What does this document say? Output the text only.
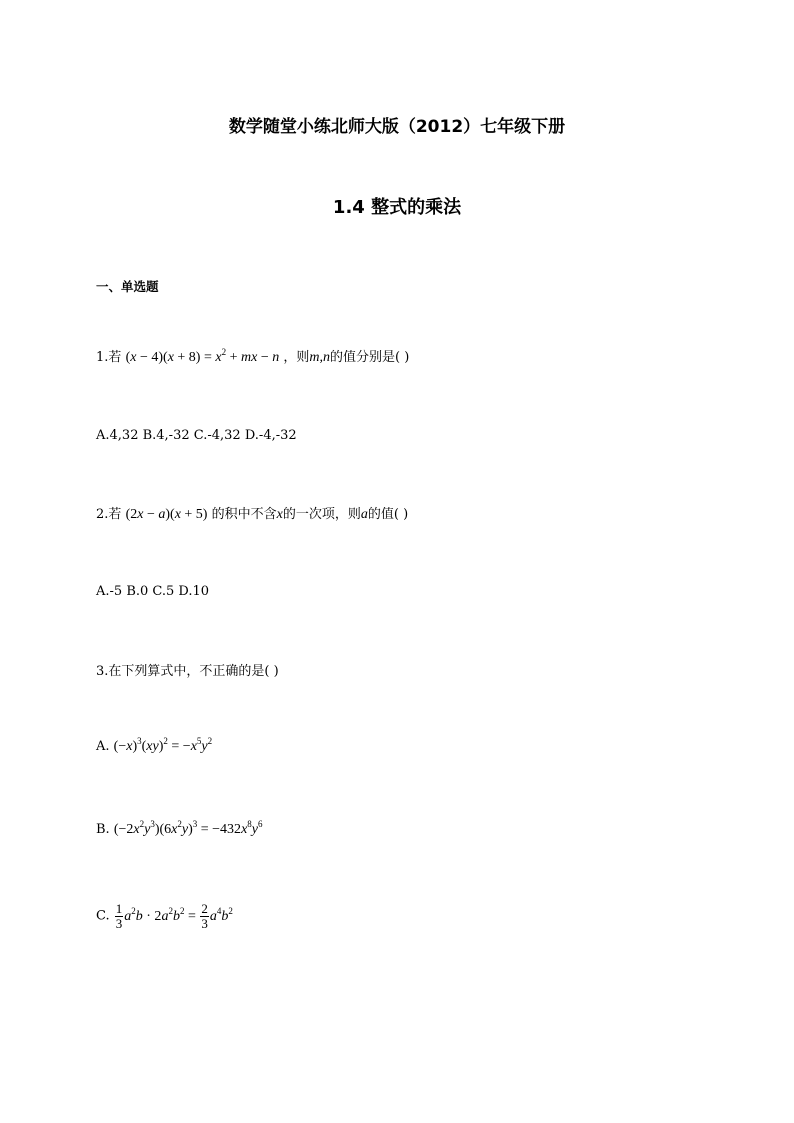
数学随堂小练北师大版（2012）七年级下册
1.4 整式的乘法
一、单选题
1.若 $(x - 4)(x + 8) = x^2$ + mx − n ，则m,n的值分别是( )
A.4,32 B.4,-32 C.-4,32 D.-4,-32
2.若 (2x − a)(x + 5) 的积中不含x的一次项，则a的值( )
A.-5 B.0 C.5 D.10
3.在下列算式中，不正确的是( )
A. $(-x)^3(xy)^2 = -x^5y^2$
B. $(-2x^2y^3)(6x^2y)^3 = -432x^8y^6$
C. $\frac{1}{3} a^2b \cdot 2a^2b^2 = \frac{2}{3} a^4b^2$
